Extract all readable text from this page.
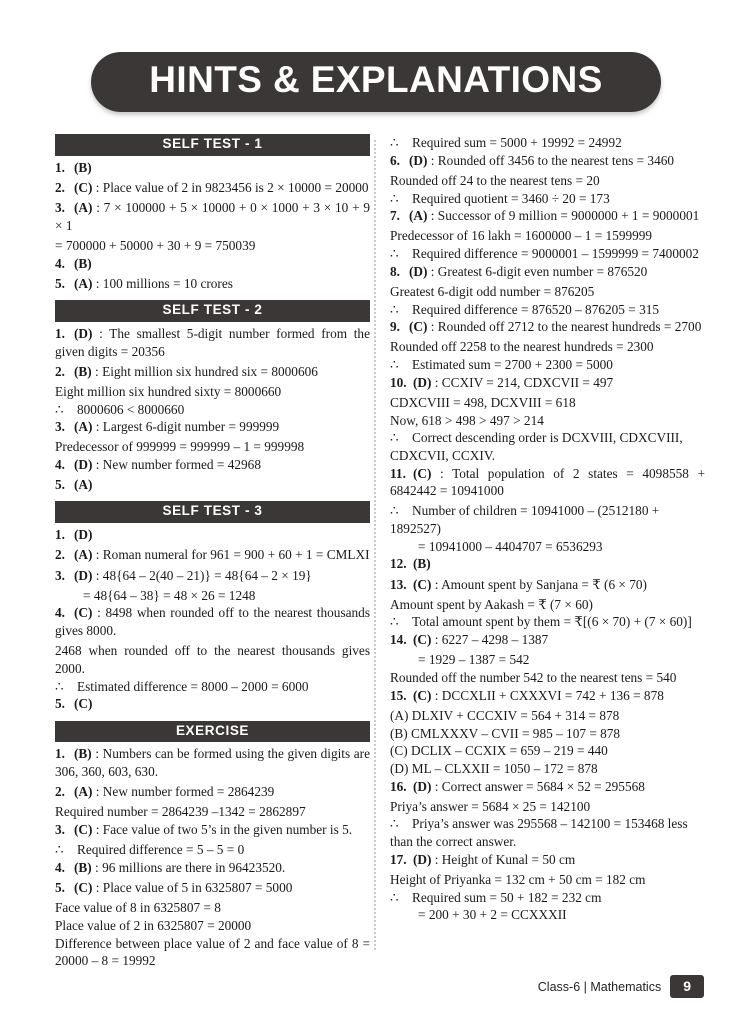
HINTS & EXPLANATIONS
SELF TEST - 1

1. (B)

2. (C) : Place value of 2 in 9823456 is 2 × 10000 = 20000

3. (A) : 7 × 100000 + 5 × 10000 + 0 × 1000 + 3 × 10 + 9 × 1

= 700000 + 50000 + 30 + 9 = 750039

4. (B)

5. (A) : 100 millions = 10 crores

SELF TEST - 2

1. (D) : The smallest 5-digit number formed from the given digits = 20356

2. (B) : Eight million six hundred six = 8000606

Eight million six hundred sixty = 8000660

∴ 8000606 < 8000660

3. (A) : Largest 6-digit number = 999999

Predecessor of 999999 = 999999 – 1 = 999998

4. (D) : New number formed = 42968

5. (A)

SELF TEST - 3

1. (D)

2. (A) : Roman numeral for 961 = 900 + 60 + 1 = CMLXI

3. (D) : 48{64 – 2(40 – 21)} = 48{64 – 2 × 19}

= 48{64 – 38} = 48 × 26 = 1248

4. (C) : 8498 when rounded off to the nearest thousands gives 8000.

2468 when rounded off to the nearest thousands gives 2000.

∴ Estimated difference = 8000 – 2000 = 6000

5. (C)

EXERCISE

1. (B) : Numbers can be formed using the given digits are 306, 360, 603, 630.

2. (A) : New number formed = 2864239

Required number = 2864239 –1342 = 2862897

3. (C) : Face value of two 5’s in the given number is 5.

∴ Required difference = 5 – 5 = 0

4. (B) : 96 millions are there in 96423520.

5. (C) : Place value of 5 in 6325807 = 5000

Face value of 8 in 6325807 = 8

Place value of 2 in 6325807 = 20000

Difference between place value of 2 and face value of 8 = 20000 – 8 = 19992

∴ Required sum = 5000 + 19992 = 24992

6. (D) : Rounded off 3456 to the nearest tens = 3460

Rounded off 24 to the nearest tens = 20

∴ Required quotient = 3460 ÷ 20 = 173

7. (A) : Successor of 9 million = 9000000 + 1 = 9000001

Predecessor of 16 lakh = 1600000 – 1 = 1599999

∴ Required difference = 9000001 – 1599999 = 7400002

8. (D) : Greatest 6-digit even number = 876520

Greatest 6-digit odd number = 876205

∴ Required difference = 876520 – 876205 = 315

9. (C) : Rounded off 2712 to the nearest hundreds = 2700

Rounded off 2258 to the nearest hundreds = 2300

∴ Estimated sum = 2700 + 2300 = 5000

10. (D) : CCXIV = 214, CDXCVII = 497

CDXCVIII = 498, DCXVIII = 618

Now, 618 > 498 > 497 > 214

∴ Correct descending order is DCXVIII, CDXCVIII, CDXCVII, CCXIV.

11. (C) : Total population of 2 states = 4098558 + 6842442 = 10941000

∴ Number of children = 10941000 – (2512180 + 1892527)

= 10941000 – 4404707 = 6536293

12. (B)

13. (C) : Amount spent by Sanjana = ₹ (6 × 70)

Amount spent by Aakash = ₹ (7 × 60)

∴ Total amount spent by them = ₹[(6 × 70) + (7 × 60)]

14. (C) : 6227 – 4298 – 1387

= 1929 – 1387 = 542

Rounded off the number 542 to the nearest tens = 540

15. (C) : DCCXLII + CXXXVI = 742 + 136 = 878

(A) DLXIV + CCCXIV = 564 + 314 = 878

(B) CMLXXXV – CVII = 985 – 107 = 878

(C) DCLIX – CCXIX = 659 – 219 = 440

(D) ML – CLXXII = 1050 – 172 = 878

16. (D) : Correct answer = 5684 × 52 = 295568

Priya’s answer = 5684 × 25 = 142100

∴ Priya’s answer was 295568 – 142100 = 153468 less than the correct answer.

17. (D) : Height of Kunal = 50 cm

Height of Priyanka = 132 cm + 50 cm = 182 cm

∴ Required sum = 50 + 182 = 232 cm

= 200 + 30 + 2 = CCXXXII

Class-6 | Mathematics	9
